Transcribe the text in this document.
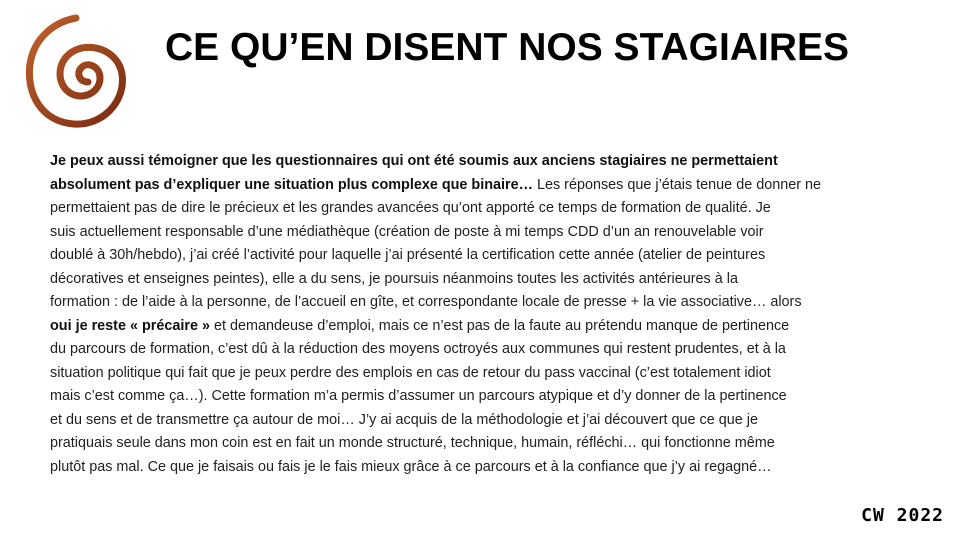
CE QU’EN DISENT NOS STAGIAIRES
Je peux aussi témoigner que les questionnaires qui ont été soumis aux anciens stagiaires ne permettaient
absolument pas d’expliquer une situation plus complexe que binaire… Les réponses que j’étais tenue de donner ne
permettaient pas de dire le précieux et les grandes avancées qu’ont apporté ce temps de formation de qualité. Je
suis actuellement responsable d’une médiathèque (création de poste à mi temps CDD d’un an renouvelable voir
doublé à 30h/hebdo), j’ai créé l’activité pour laquelle j’ai présenté la certification cette année (atelier de peintures
décoratives et enseignes peintes), elle a du sens, je poursuis néanmoins toutes les activités antérieures à la
formation : de l’aide à la personne, de l’accueil en gîte, et correspondante locale de presse + la vie associative… alors
oui je reste « précaire » et demandeuse d’emploi, mais ce n’est pas de la faute au prétendu manque de pertinence
du parcours de formation, c’est dû à la réduction des moyens octroyés aux communes qui restent prudentes, et à la
situation politique qui fait que je peux perdre des emplois en cas de retour du pass vaccinal (c’est totalement idiot
mais c’est comme ça…). Cette formation m’a permis d’assumer un parcours atypique et d’y donner de la pertinence
et du sens et de transmettre ça autour de moi… J’y ai acquis de la méthodologie et j’ai découvert que ce que je
pratiquais seule dans mon coin est en fait un monde structuré, technique, humain, réfléchi… qui fonctionne même
plutôt pas mal. Ce que je faisais ou fais je le fais mieux grâce à ce parcours et à la confiance que j’y ai regagné…
CW 2022
